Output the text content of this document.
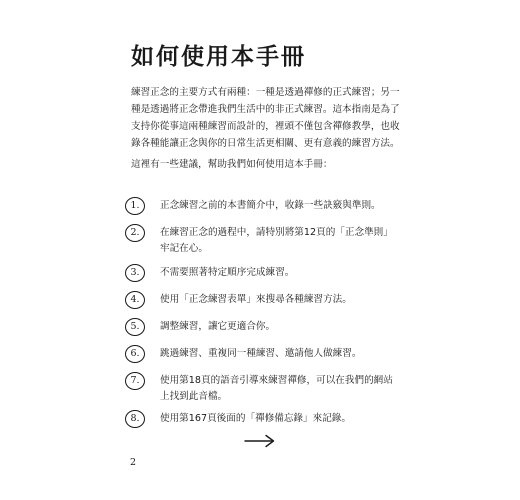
如何使用本手冊

練習正念的主要方式有兩種：一種是透過禪修的正式練習；另一種是透過將正念帶進我們生活中的非正式練習。這本指南是為了支持你從事這兩種練習而設計的，裡頭不僅包含禪修教學，也收錄各種能讓正念與你的日常生活更相關、更有意義的練習方法。

這裡有一些建議，幫助我們如何使用這本手冊：

1.	正念練習之前的本書簡介中，收錄一些訣竅與準則。
2.	在練習正念的過程中，請特別將第12頁的「正念準則」牢記在心。
3.	不需要照著特定順序完成練習。
4.	使用「正念練習表單」來搜尋各種練習方法。
5.	調整練習，讓它更適合你。
6.	跳過練習、重複同一種練習、邀請他人做練習。
7.	使用第18頁的語音引導來練習禪修，可以在我們的網站上找到此音檔。
8.	使用第167頁後面的「禪修備忘錄」來記錄。
2
